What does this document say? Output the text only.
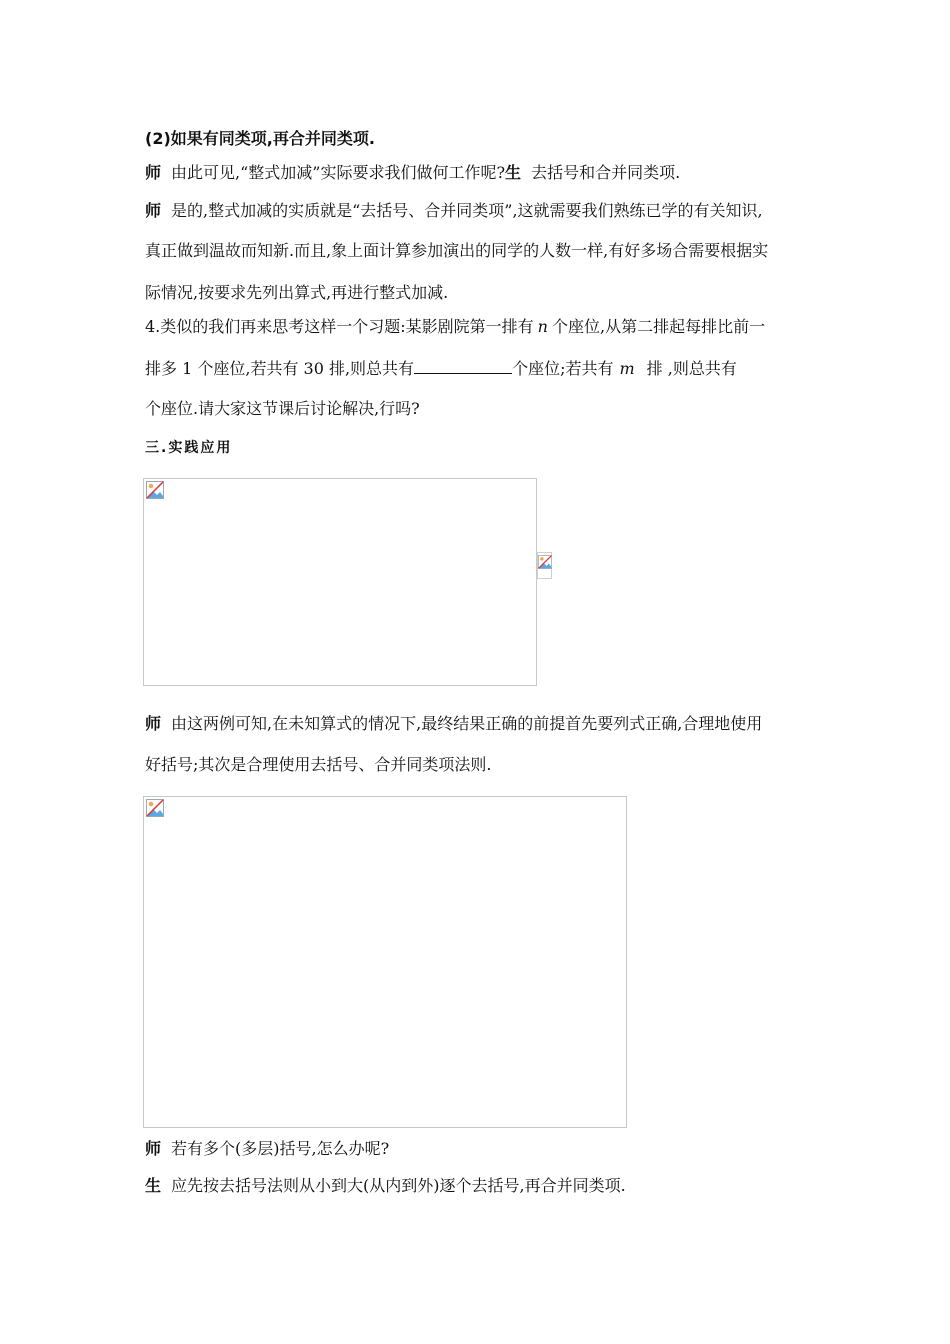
(2)如果有同类项,再合并同类项.
师 由此可见,“整式加减”实际要求我们做何工作呢?生 去括号和合并同类项.
师 是的,整式加减的实质就是“去括号、合并同类项”,这就需要我们熟练已学的有关知识,
真正做到温故而知新.而且,象上面计算参加演出的同学的人数一样,有好多场合需要根据实
际情况,按要求先列出算式,再进行整式加减.
4.类似的我们再来思考这样一个习题:某影剧院第一排有 n 个座位,从第二排起每排比前一
排多 1 个座位,若共有 30 排,则总共有	个座位;若共有 m 排 ,则总共有
个座位.请大家这节课后讨论解决,行吗?
三.实践应用
师 由这两例可知,在未知算式的情况下,最终结果正确的前提首先要列式正确,合理地使用
好括号;其次是合理使用去括号、合并同类项法则.
师 若有多个(多层)括号,怎么办呢?
生 应先按去括号法则从小到大(从内到外)逐个去括号,再合并同类项.
